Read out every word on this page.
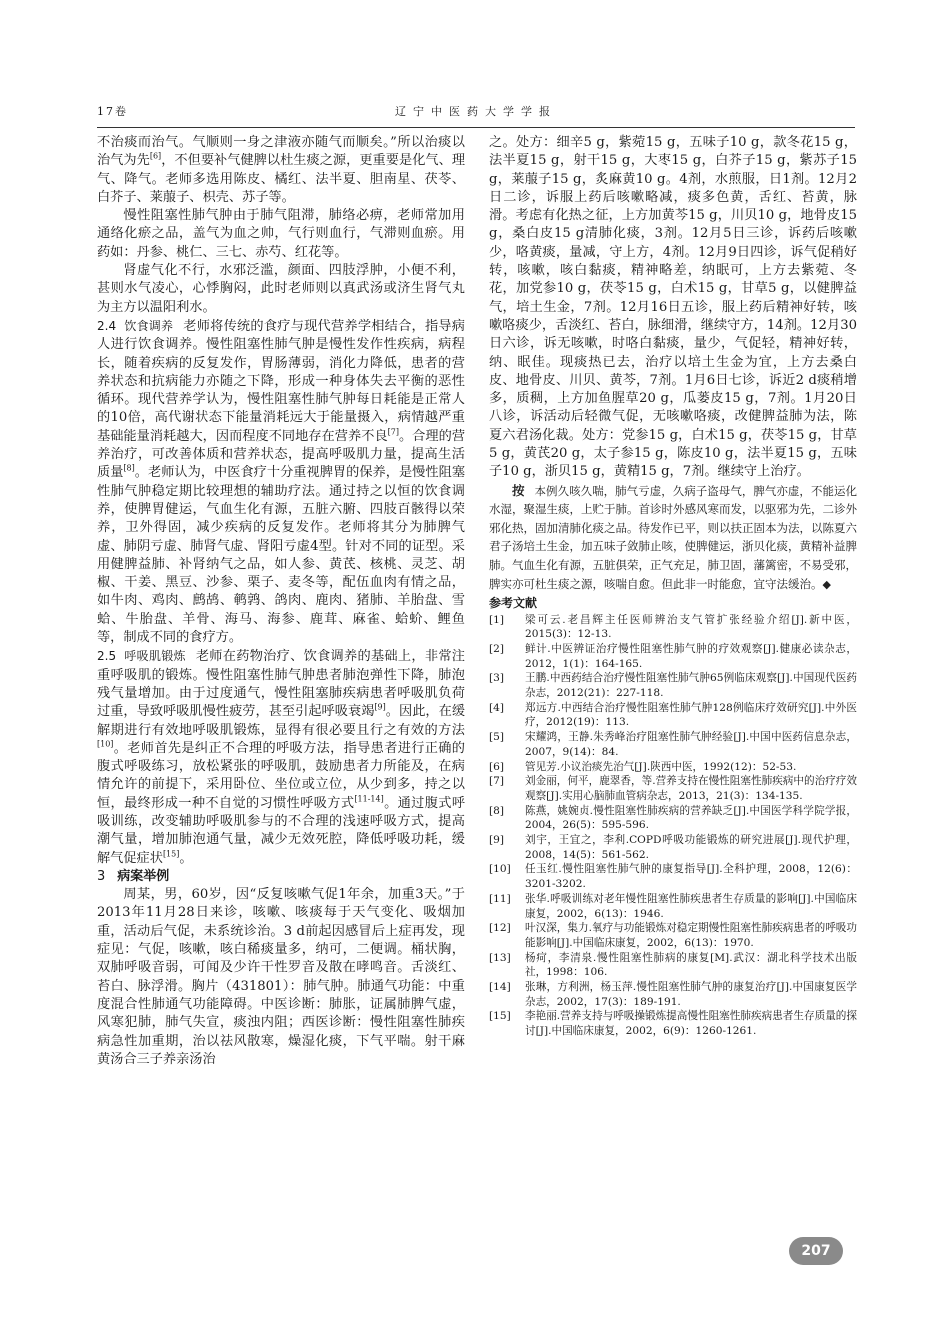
17卷	辽宁中医药大学学报

不治痰而治气。气顺则一身之津液亦随气而顺矣。”所以治痰以治气为先[6]，不但要补气健脾以杜生痰之源，更重要是化气、理气、降气。老师多选用陈皮、橘红、法半夏、胆南星、茯苓、白芥子、莱菔子、枳壳、苏子等。

慢性阻塞性肺气肿由于肺气阻滞，肺络必痹，老师常加用通络化瘀之品，盖气为血之帅，气行则血行，气滞则血瘀。用药如：丹参、桃仁、三七、赤芍、红花等。

肾虚气化不行，水邪泛滥，颜面、四肢浮肿，小便不利，甚则水气凌心，心悸胸闷，此时老师则以真武汤或济生肾气丸为主方以温阳利水。

2.4 饮食调养 老师将传统的食疗与现代营养学相结合，指导病人进行饮食调养。慢性阻塞性肺气肿是慢性发作性疾病，病程长，随着疾病的反复发作，胃肠薄弱，消化力降低，患者的营养状态和抗病能力亦随之下降，形成一种身体失去平衡的恶性循环。现代营养学认为，慢性阻塞性肺气肿每日耗能是正常人的10倍，高代谢状态下能量消耗远大于能量摄入，病情越严重基础能量消耗越大，因而程度不同地存在营养不良[7]。合理的营养治疗，可改善体质和营养状态，提高呼吸肌力量，提高生活质量[8]。老师认为，中医食疗十分重视脾胃的保养，是慢性阻塞性肺气肿稳定期比较理想的辅助疗法。通过持之以恒的饮食调养，使脾胃健运，气血生化有源，五脏六腑、四肢百骸得以荣养，卫外得固，减少疾病的反复发作。老师将其分为肺脾气虚、肺阴亏虚、肺肾气虚、肾阳亏虚4型。针对不同的证型。采用健脾益肺、补肾纳气之品，如人参、黄芪、核桃、灵芝、胡椒、干姜、黑豆、沙参、栗子、麦冬等，配伍血肉有情之品，如牛肉、鸡肉、鹧鸪、鹌鹑、鸽肉、鹿肉、猪肺、羊胎盘、雪蛤、牛胎盘、羊骨、海马、海参、鹿茸、麻雀、蛤蚧、鲤鱼等，制成不同的食疗方。

2.5 呼吸肌锻炼 老师在药物治疗、饮食调养的基础上，非常注重呼吸肌的锻炼。慢性阻塞性肺气肿患者肺泡弹性下降，肺泡残气量增加。由于过度通气，慢性阻塞肺疾病患者呼吸肌负荷过重，导致呼吸肌慢性疲劳，甚至引起呼吸衰竭[9]。因此，在缓解期进行有效地呼吸肌锻炼，显得有很必要且行之有效的方法[10]。老师首先是纠正不合理的呼吸方法，指导患者进行正确的腹式呼吸练习，放松紧张的呼吸肌，鼓励患者力所能及，在病情允许的前提下，采用卧位、坐位或立位，从少到多，持之以恒，最终形成一种不自觉的习惯性呼吸方式[11-14]。通过腹式呼吸训练，改变辅助呼吸肌参与的不合理的浅速呼吸方式，提高潮气量，增加肺泡通气量，减少无效死腔，降低呼吸功耗，缓解气促症状[15]。

3 病案举例

周某，男，60岁，因“反复咳嗽气促1年余，加重3天。”于2013年11月28日来诊，咳嗽、咳痰每于天气变化、吸烟加重，活动后气促，未系统诊治。3 d前起因感冒后上症再发，现症见：气促，咳嗽，咳白稀痰量多，纳可，二便调。桶状胸，双肺呼吸音弱，可闻及少许干性罗音及散在哮鸣音。舌淡红、苔白、脉浮滑。胸片（431801）：肺气肿。肺通气功能：中重度混合性肺通气功能障碍。中医诊断：肺胀，证属肺脾气虚，风寒犯肺，肺气失宣，痰浊内阻；西医诊断：慢性阻塞性肺疾病急性加重期，治以祛风散寒，燥湿化痰，下气平喘。射干麻黄汤合三子养亲汤治

之。处方：细辛5 g，紫菀15 g，五味子10 g，款冬花15 g，法半夏15 g，射干15 g，大枣15 g，白芥子15 g，紫苏子15 g，莱菔子15 g，炙麻黄10 g。4剂，水煎服，日1剂。12月2日二诊，诉服上药后咳嗽略减，痰多色黄，舌红、苔黄，脉滑。考虑有化热之征，上方加黄芩15 g，川贝10 g，地骨皮15 g，桑白皮15 g清肺化痰，3剂。12月5日三诊，诉药后咳嗽少，咯黄痰，量减，守上方，4剂。12月9日四诊，诉气促稍好转，咳嗽，咳白黏痰，精神略差，纳眠可，上方去紫菀、冬花，加党参10 g，茯苓15 g，白术15 g，甘草5 g，以健脾益气，培土生金，7剂。12月16日五诊，服上药后精神好转，咳嗽咯痰少，舌淡红、苔白，脉细滑，继续守方，14剂。12月30日六诊，诉无咳嗽，时咯白黏痰，量少，气促轻，精神好转，纳、眠佳。现痰热已去，治疗以培土生金为宜，上方去桑白皮、地骨皮、川贝、黄芩，7剂。1月6日七诊，诉近2 d痰稍增多，质稠，上方加鱼腥草20 g，瓜蒌皮15 g，7剂。1月20日八诊，诉活动后轻微气促，无咳嗽咯痰，改健脾益肺为法，陈夏六君汤化裁。处方：党参15 g，白术15 g，茯苓15 g，甘草5 g，黄芪20 g，太子参15 g，陈皮10 g，法半夏15 g，五味子10 g，浙贝15 g，黄精15 g，7剂。继续守上治疗。

按 本例久咳久喘，肺气亏虚，久病子盗母气，脾气亦虚，不能运化水湿，聚湿生痰，上贮于肺。首诊时外感风寒而发，以驱邪为先，二诊外邪化热，固加清肺化痰之品。待发作已平，则以扶正固本为法，以陈夏六君子汤培土生金，加五味子敛肺止咳，使脾健运，浙贝化痰，黄精补益脾肺。气血生化有源，五脏俱荣，正气充足，肺卫固，藩篱密，不易受邪，脾实亦可杜生痰之源，咳喘自愈。但此非一时能愈，宜守法缓治。◆

参考文献

[1] 梁可云.老昌辉主任医师辨治支气管扩张经验介绍[J].新中医，2015(3)：12-13.

[2] 鲜计.中医辨证治疗慢性阻塞性肺气肿的疗效观察[J].健康必读杂志，2012，1(1)：164-165.

[3] 王鹏.中西药结合治疗慢性阻塞性肺气肿65例临床观察[J].中国现代医药杂志，2012(21)：227-118.

[4] 郑远方.中西结合治疗慢性阻塞性肺气肿128例临床疗效研究[J].中外医疗，2012(19)：113.

[5] 宋耀鸿，王静.朱秀峰治疗阻塞性肺气肿经验[J].中国中医药信息杂志，2007，9(14)：84.

[6] 管见芳.小议治痰先治气[J].陕西中医，1992(12)：52-53.

[7] 刘金丽，何平，鹿翠香，等.营养支持在慢性阻塞性肺疾病中的治疗疗效观察[J].实用心脑肺血管病杂志，2013，21(3)：134-135.

[8] 陈燕，姚婉贞.慢性阻塞性肺疾病的营养缺乏[J].中国医学科学院学报，2004，26(5)：595-596.

[9] 刘宇，王宜之，李利.COPD呼吸功能锻炼的研究进展[J].现代护理，2008，14(5)：561-562.

[10] 任玉红.慢性阻塞性肺气肿的康复指导[J].全科护理，2008，12(6)：3201-3202.

[11] 张华.呼吸训练对老年慢性阻塞性肺疾患者生存质量的影响[J].中国临床康复，2002，6(13)：1946.

[12] 叶汉深，集力.氧疗与功能锻炼对稳定期慢性阻塞性肺疾病患者的呼吸功能影响[J].中国临床康复，2002，6(13)：1970.

[13] 杨疴，李清泉.慢性阻塞性肺病的康复[M].武汉：湖北科学技术出版社，1998：106.

[14] 张琳，方利洲，杨玉萍.慢性阻塞性肺气肿的康复治疗[J].中国康复医学杂志，2002，17(3)：189-191.

[15] 李艳丽.营养支持与呼吸操锻炼提高慢性阻塞性肺疾病患者生存质量的探讨[J].中国临床康复，2002，6(9)：1260-1261.

207
